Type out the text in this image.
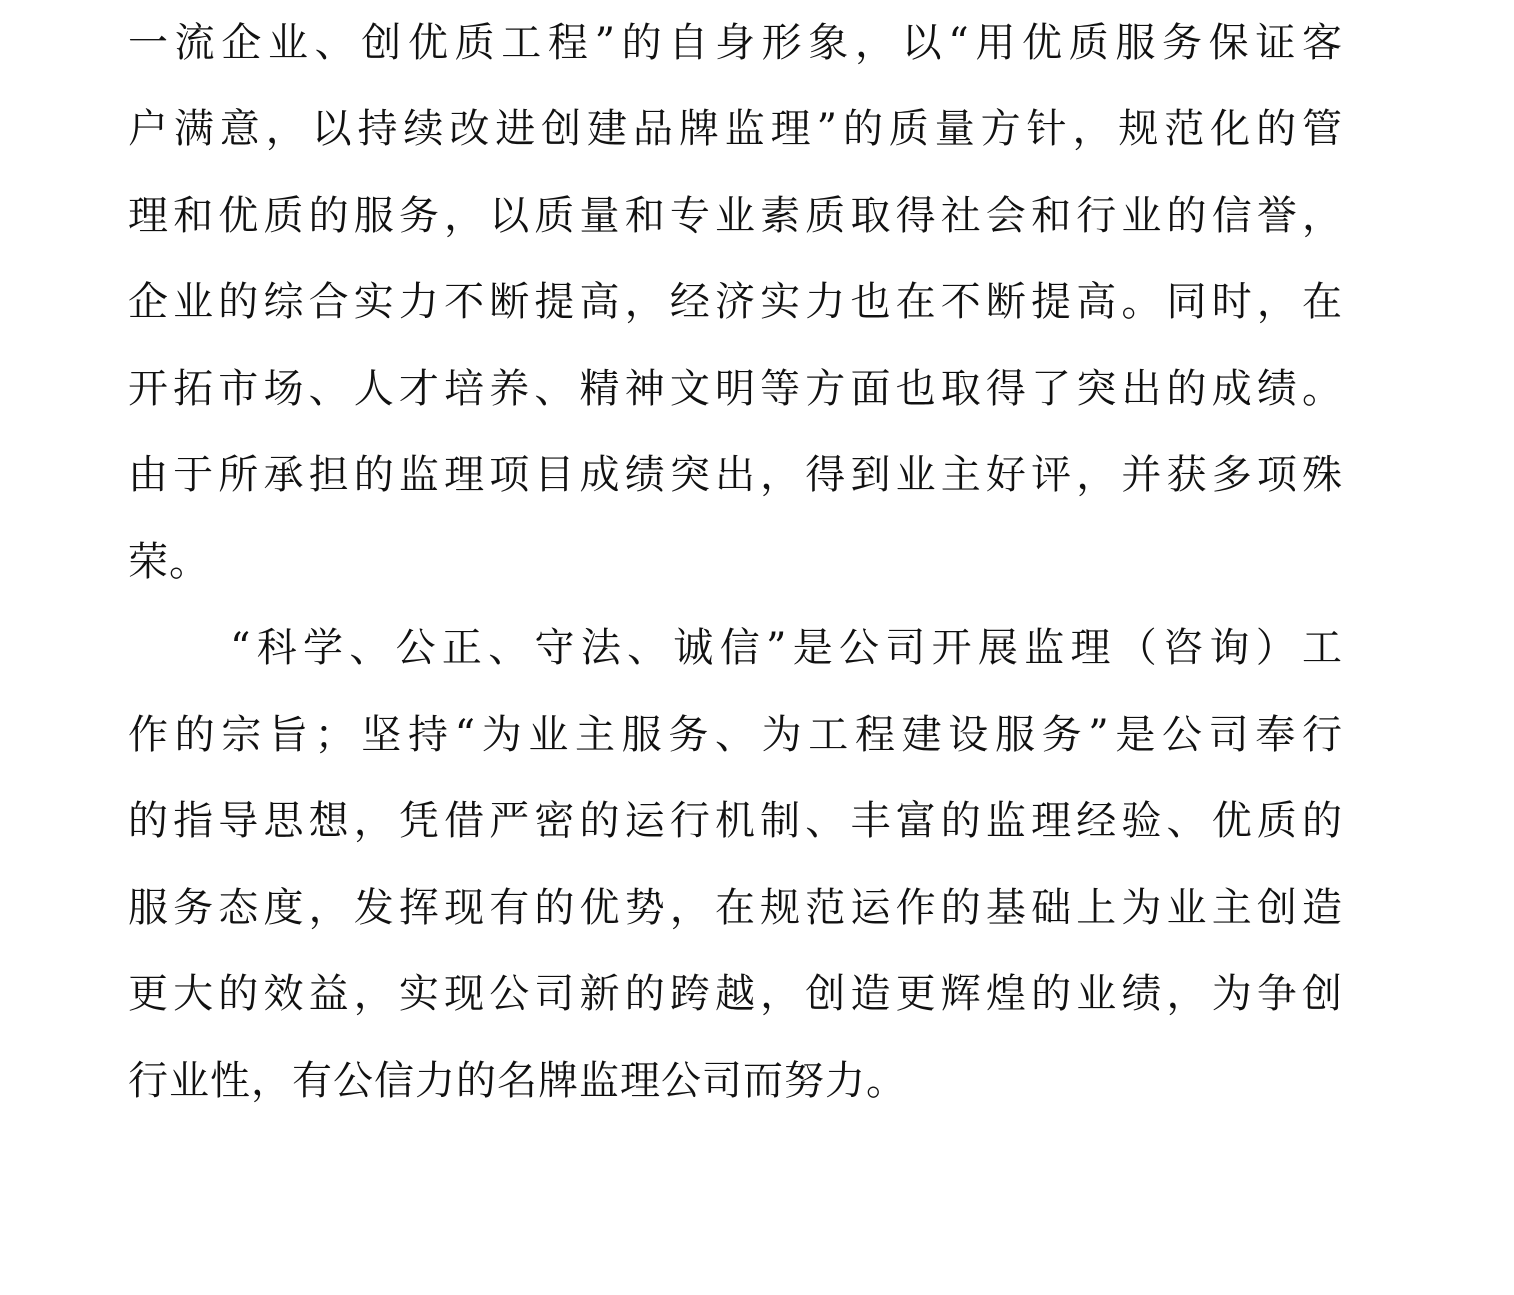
一流企业、创优质工程”的自身形象，以“用优质服务保证客
户满意，以持续改进创建品牌监理”的质量方针，规范化的管
理和优质的服务，以质量和专业素质取得社会和行业的信誉，
企业的综合实力不断提高，经济实力也在不断提高。同时，在
开拓市场、人才培养、精神文明等方面也取得了突出的成绩。
由于所承担的监理项目成绩突出，得到业主好评，并获多项殊
荣。
“科学、公正、守法、诚信”是公司开展监理（咨询）工
作的宗旨；坚持“为业主服务、为工程建设服务”是公司奉行
的指导思想，凭借严密的运行机制、丰富的监理经验、优质的
服务态度，发挥现有的优势，在规范运作的基础上为业主创造
更大的效益，实现公司新的跨越，创造更辉煌的业绩，为争创
行业性，有公信力的名牌监理公司而努力。
